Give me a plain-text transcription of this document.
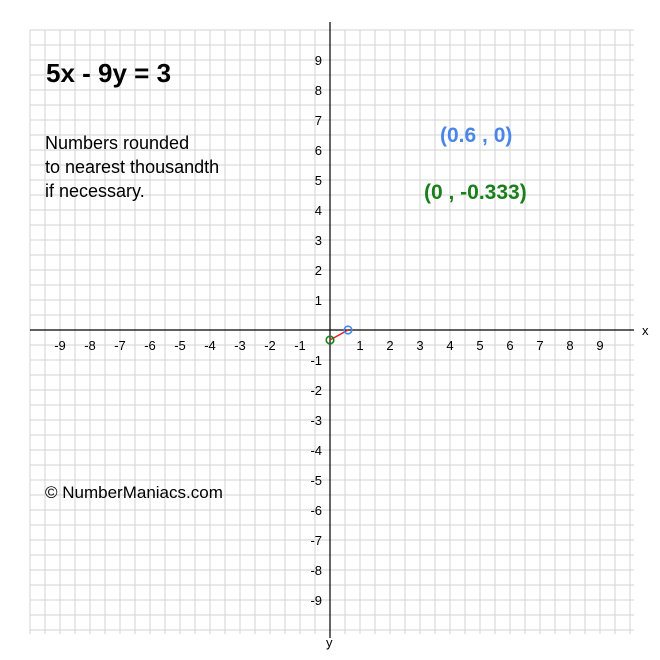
x
y
-9 -8 -7 -6 -5 -4 -3 -2 -1	1 2 3 4 5 6 7 8 9
9
8
7
6
5
4
3
2
1
-1
-2
-3
-4
-5
-6
-7
-8
-9
5x - 9y = 3
Numbers rounded
to nearest thousandth
if necessary.
© NumberManiacs.com
(0.6 , 0)
(0 , -0.333)
